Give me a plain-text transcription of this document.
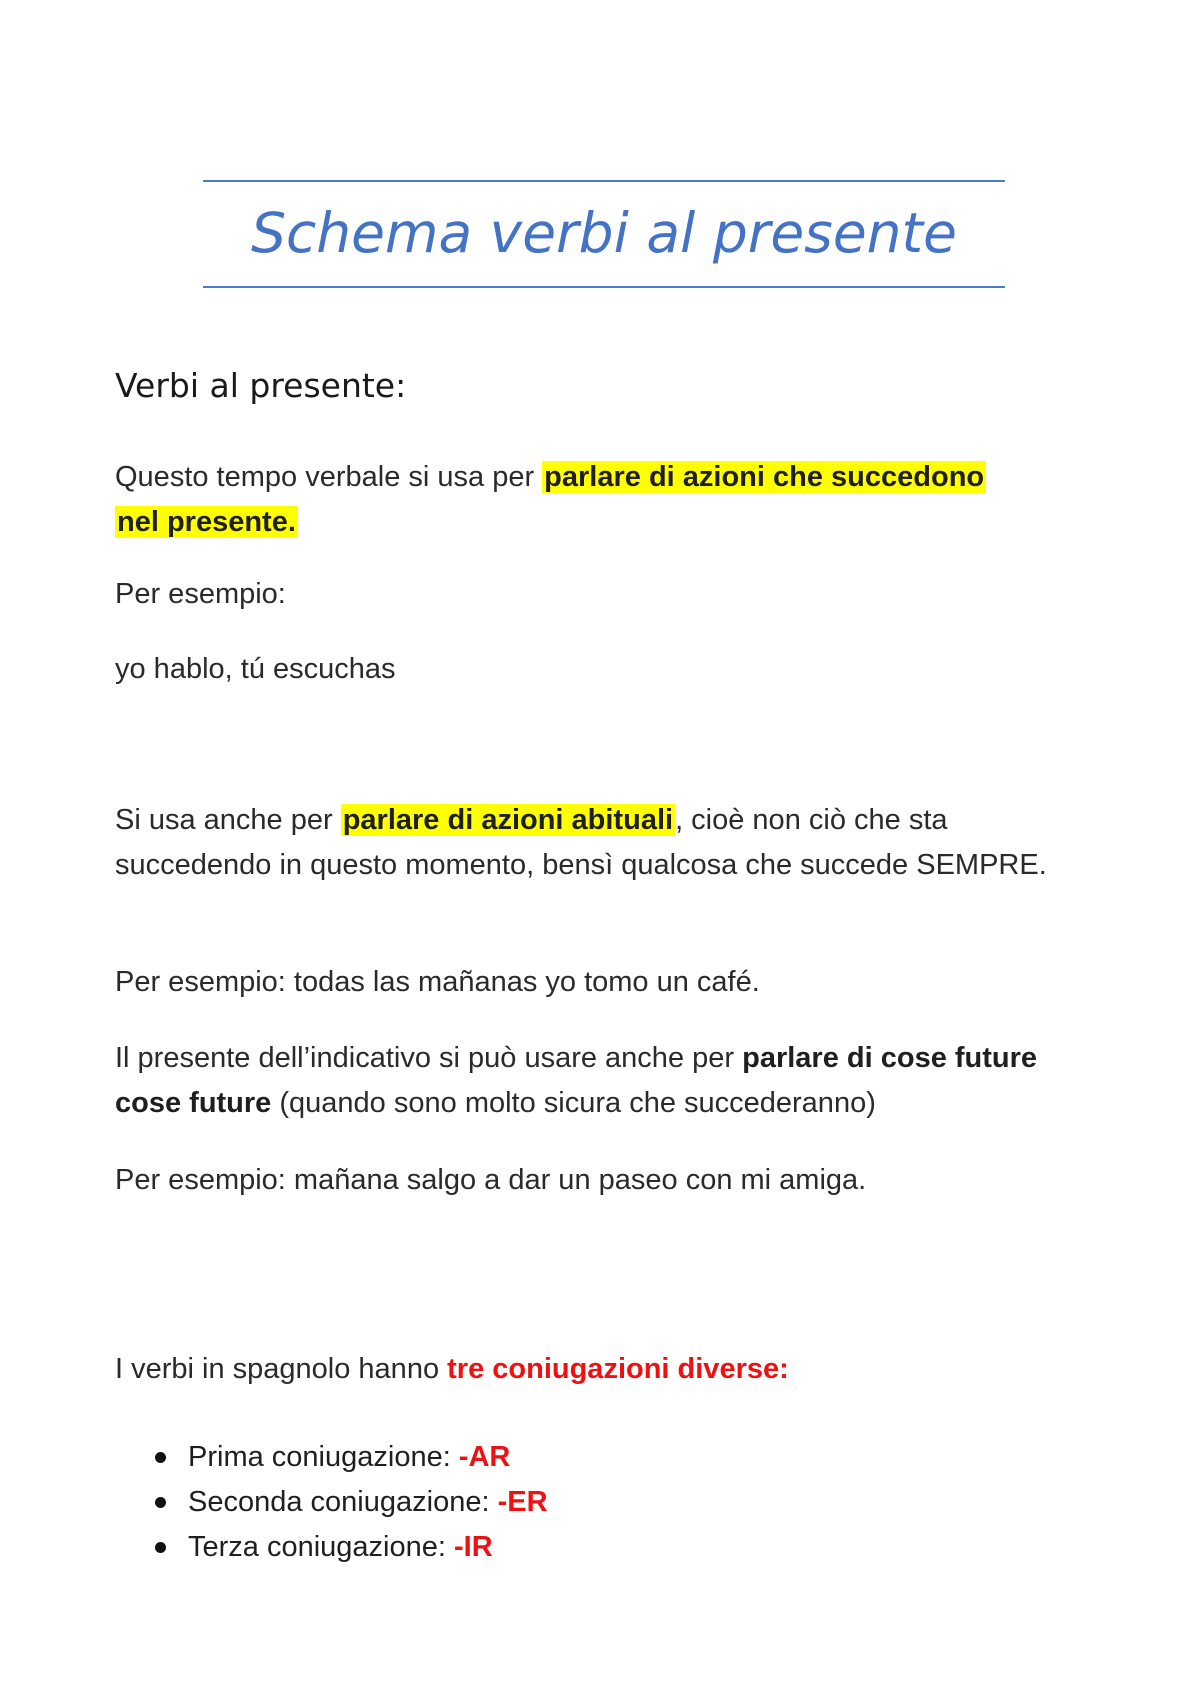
Schema verbi al presente
Verbi al presente:
Questo tempo verbale si usa per parlare di azioni che succedono
nel presente.
Per esempio:
yo hablo, tú escuchas
Si usa anche per parlare di azioni abituali, cioè non ciò che sta succedendo in questo momento, bensì qualcosa che succede SEMPRE.
Per esempio: todas las mañanas yo tomo un café.
Il presente dell’indicativo si può usare anche per parlare di cose future cose future (quando sono molto sicura che succederanno)
Per esempio: mañana salgo a dar un paseo con mi amiga.
I verbi in spagnolo hanno tre coniugazioni diverse:
Prima coniugazione: -AR
Seconda coniugazione: -ER
Terza coniugazione: -IR
